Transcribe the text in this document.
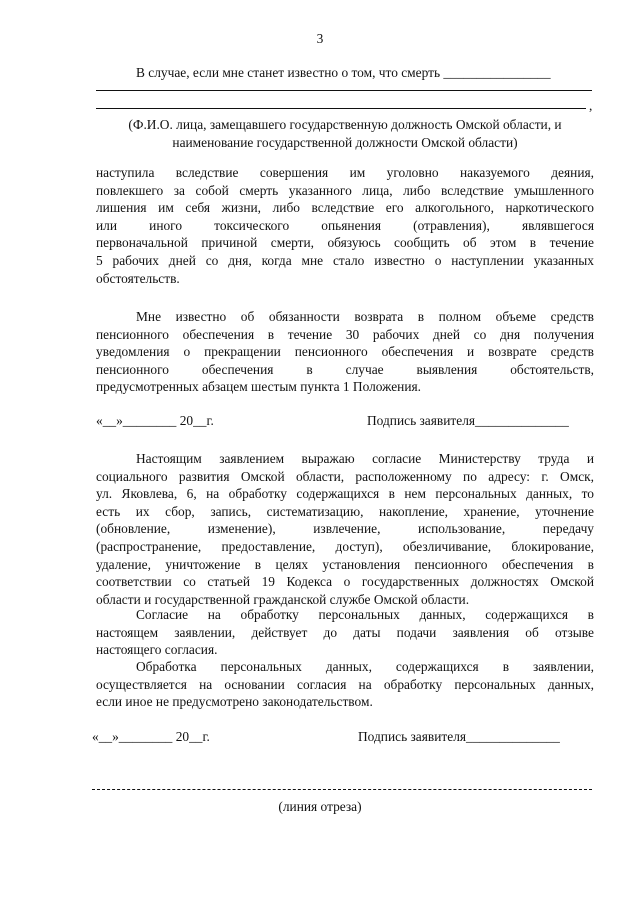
3
В случае, если мне станет известно о том, что смерть ________________
,
(Ф.И.О. лица, замещавшего государственную должность Омской области, и
наименование государственной должности Омской области)
наступила вследствие совершения им уголовно наказуемого деяния,
повлекшего за собой смерть указанного лица, либо вследствие умышленного
лишения им себя жизни, либо вследствие его алкогольного, наркотического
или иного токсического опьянения (отравления), являвшегося
первоначальной причиной смерти, обязуюсь сообщить об этом в течение
5 рабочих дней со дня, когда мне стало известно о наступлении указанных
обстоятельств.
Мне известно об обязанности возврата в полном объеме средств
пенсионного обеспечения в течение 30 рабочих дней со дня получения
уведомления о прекращении пенсионного обеспечения и возврате средств
пенсионного обеспечения в случае выявления обстоятельств,
предусмотренных абзацем шестым пункта 1 Положения.
«__»________ 20__г.	Подпись заявителя______________
Настоящим заявлением выражаю согласие Министерству труда и
социального развития Омской области, расположенному по адресу: г. Омск,
ул. Яковлева, 6, на обработку содержащихся в нем персональных данных, то
есть их сбор, запись, систематизацию, накопление, хранение, уточнение
(обновление, изменение), извлечение, использование, передачу
(распространение, предоставление, доступ), обезличивание, блокирование,
удаление, уничтожение в целях установления пенсионного обеспечения в
соответствии со статьей 19 Кодекса о государственных должностях Омской
области и государственной гражданской службе Омской области.
Согласие на обработку персональных данных, содержащихся в
настоящем заявлении, действует до даты подачи заявления об отзыве
настоящего согласия.
Обработка персональных данных, содержащихся в заявлении,
осуществляется на основании согласия на обработку персональных данных,
если иное не предусмотрено законодательством.
«__»________ 20__г.	Подпись заявителя______________
(линия отреза)
